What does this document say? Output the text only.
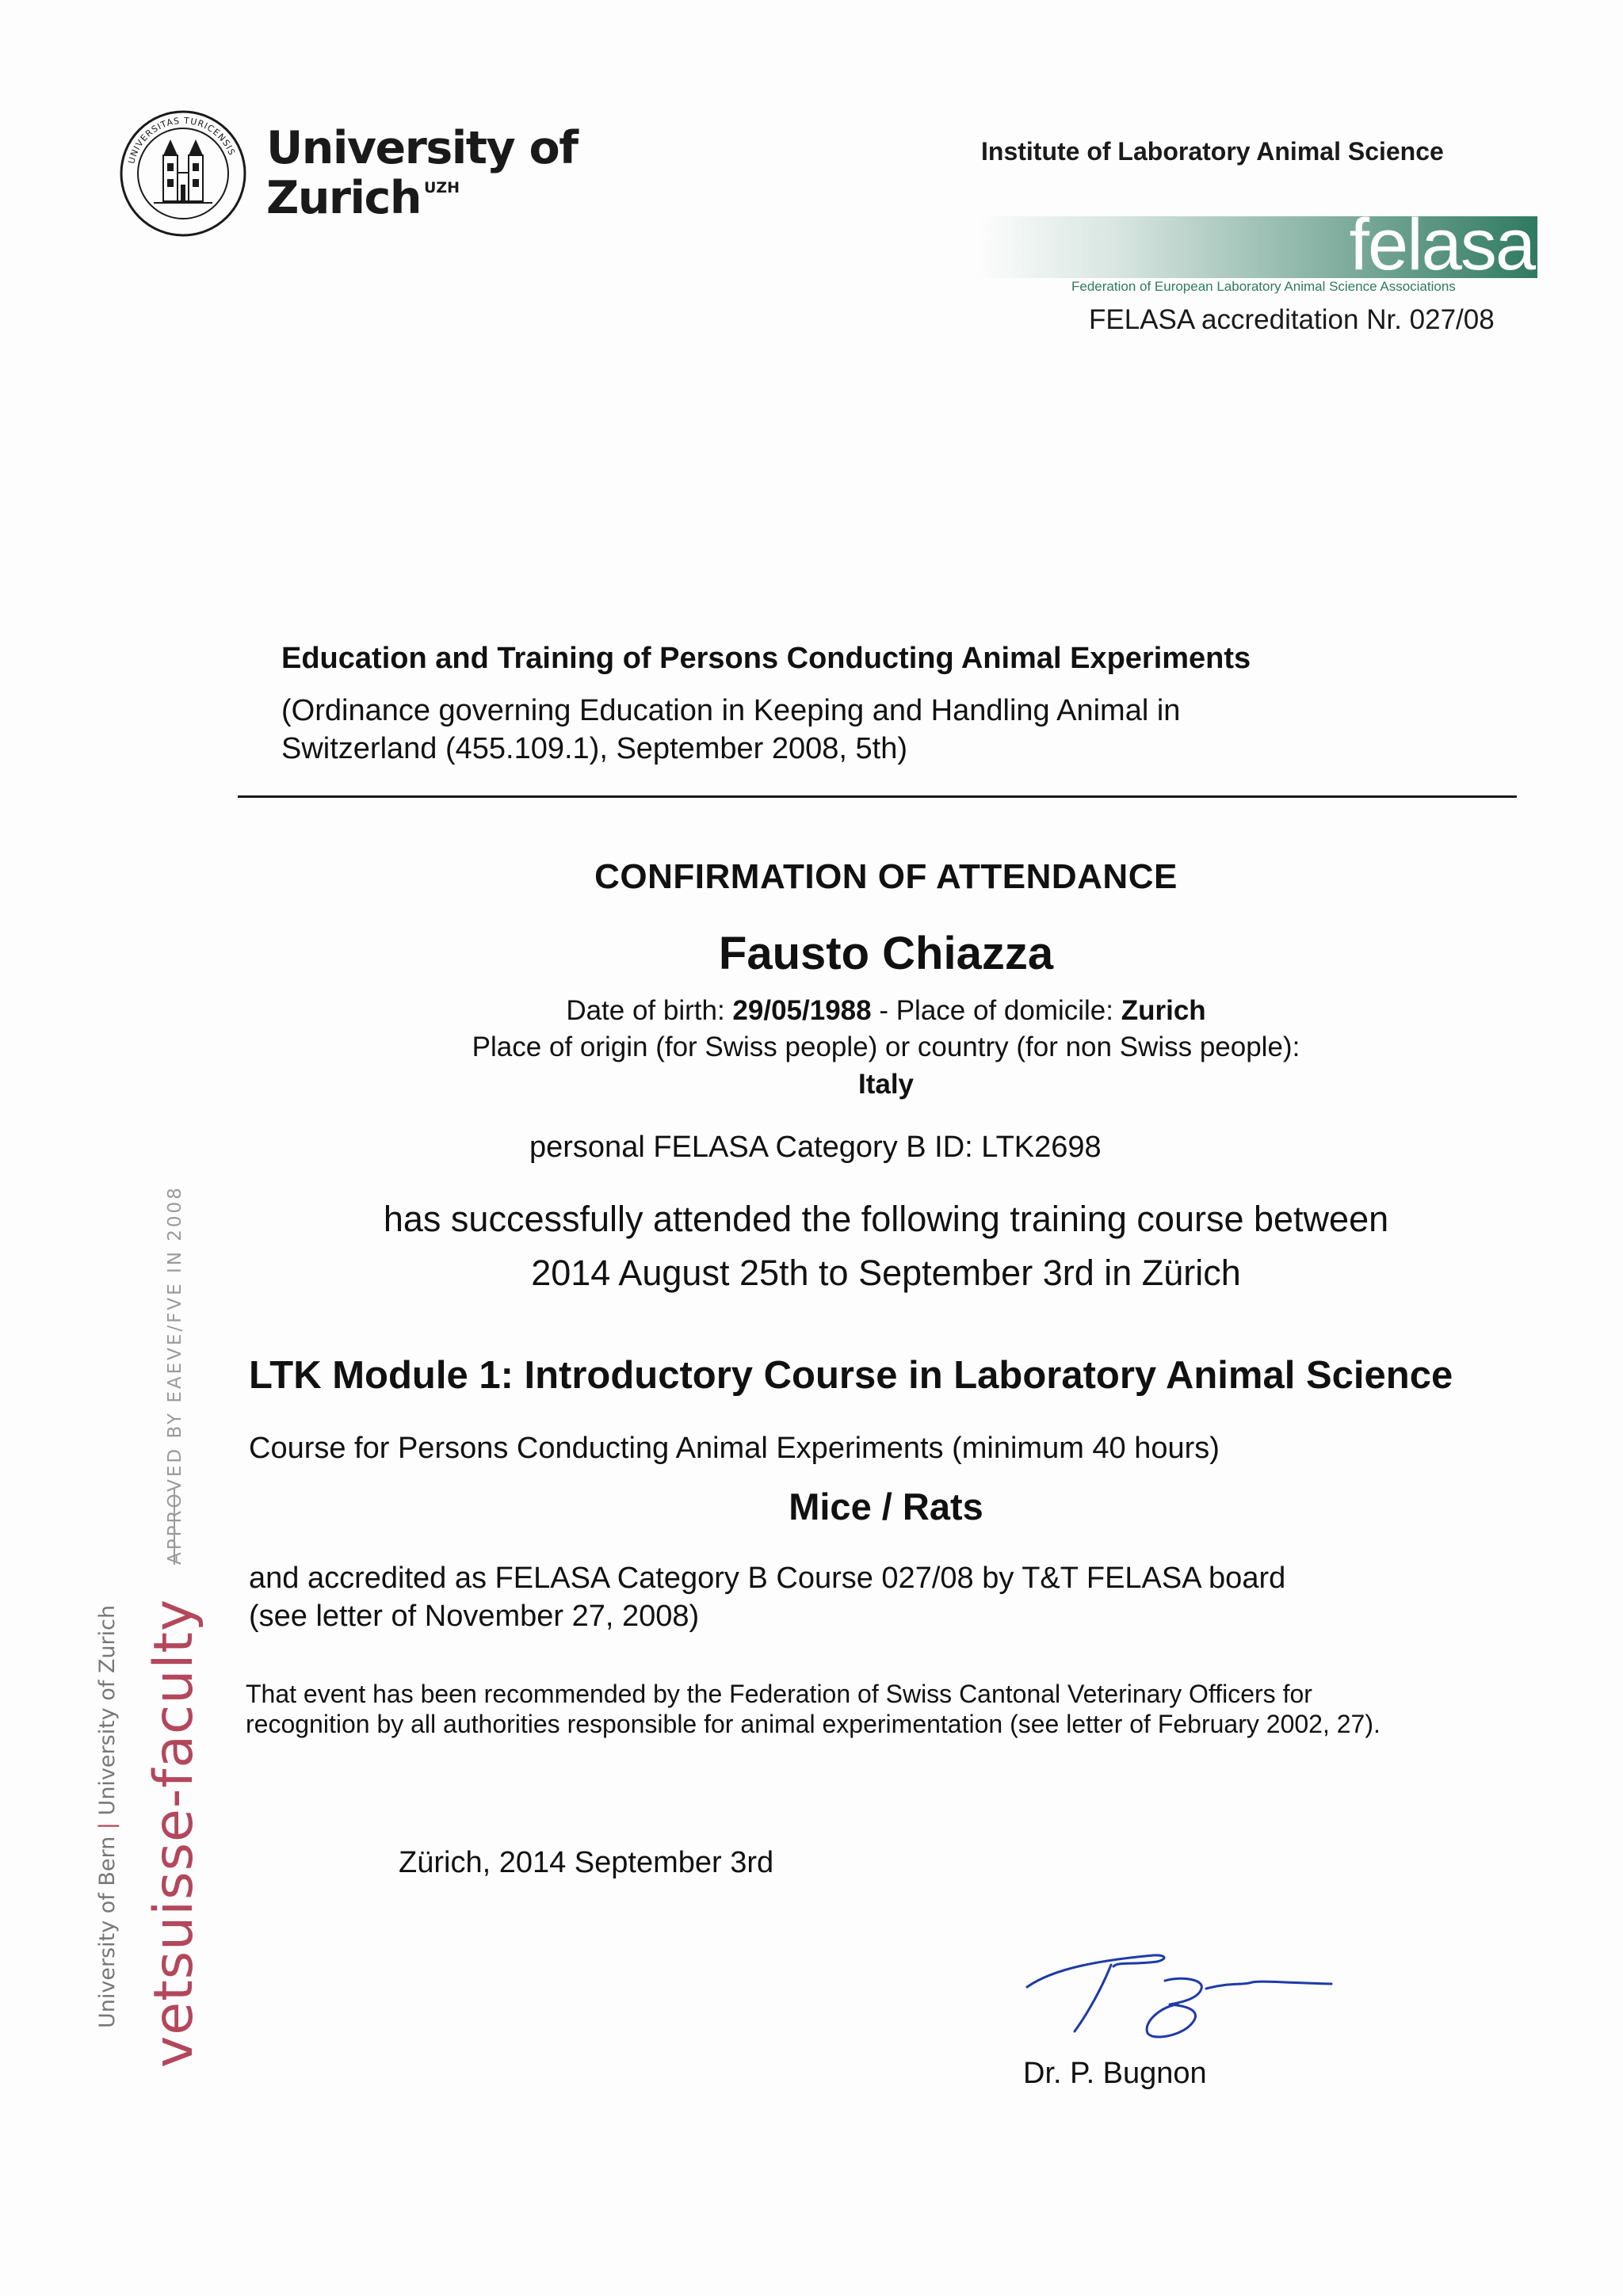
UNIVERSITAS TURICENSIS University of
Zurich $^{UZH}$
Institute of Laboratory Animal Science
felasa
Federation of European Laboratory Animal Science Associations
FELASA accreditation Nr. 027/08
Education and Training of Persons Conducting Animal Experiments
(Ordinance governing Education in Keeping and Handling Animal in
Switzerland (455.109.1), September 2008, 5th)
CONFIRMATION OF ATTENDANCE
Fausto Chiazza
Date of birth: 29/05/1988 - Place of domicile: Zurich
Place of origin (for Swiss people) or country (for non Swiss people):
Italy
personal FELASA Category B ID: LTK2698
has successfully attended the following training course between
2014 August 25th to September 3rd in Zürich
LTK Module 1: Introductory Course in Laboratory Animal Science
Course for Persons Conducting Animal Experiments (minimum 40 hours)
Mice / Rats
and accredited as FELASA Category B Course 027/08 by T&T FELASA board
(see letter of November 27, 2008)
That event has been recommended by the Federation of Swiss Cantonal Veterinary Officers for
recognition by all authorities responsible for animal experimentation (see letter of February 2002, 27).
Zürich, 2014 September 3rd
Dr. P. Bugnon
APPROVED BY EAEVE/FVE IN 2008
University of Bern | University of Zurich vetsuisse-faculty
